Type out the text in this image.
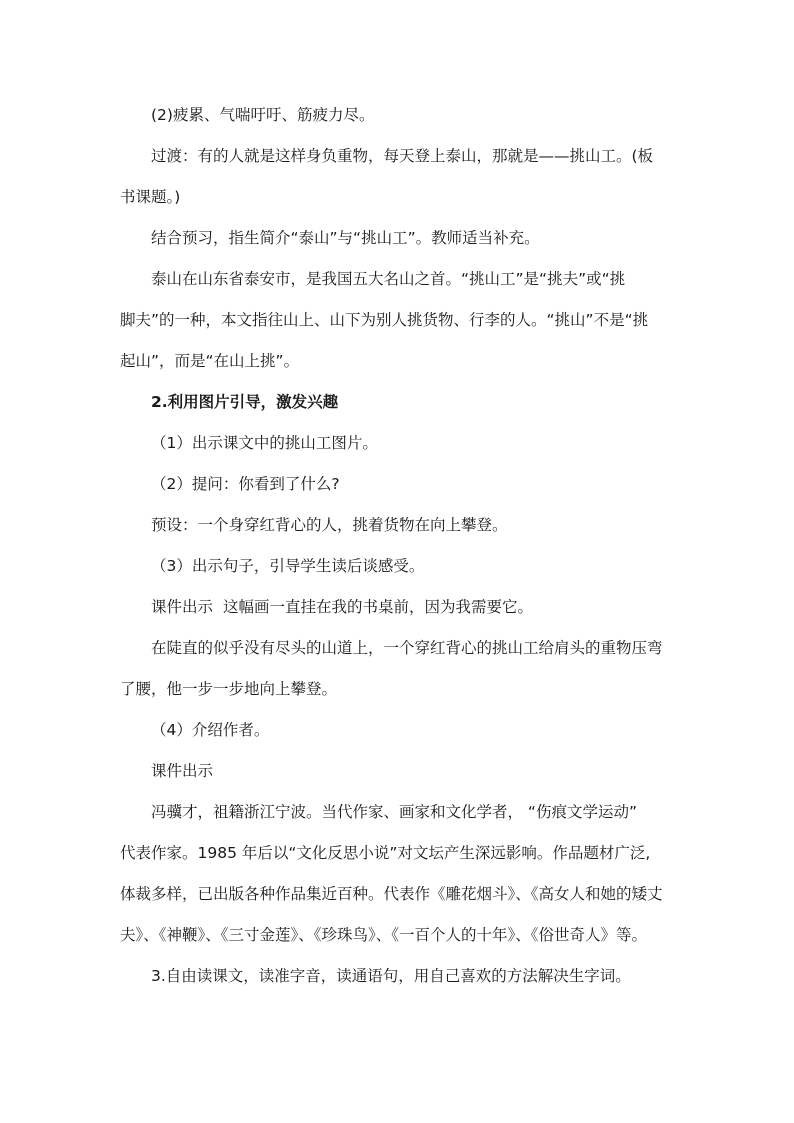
(2)疲累、气喘吁吁、筋疲力尽。
过渡：有的人就是这样身负重物，每天登上泰山，那就是——挑山工。(板
书课题。)
结合预习，指生简介“泰山”与“挑山工”。教师适当补充。
泰山在山东省泰安市，是我国五大名山之首。“挑山工”是“挑夫”或“挑
脚夫”的一种，本文指往山上、山下为别人挑货物、行李的人。“挑山”不是“挑
起山”，而是“在山上挑”。
2.利用图片引导，激发兴趣
（1）出示课文中的挑山工图片。
（2）提问：你看到了什么?
预设：一个身穿红背心的人，挑着货物在向上攀登。
（3）出示句子，引导学生读后谈感受。
课件出示 这幅画一直挂在我的书桌前，因为我需要它。
在陡直的似乎没有尽头的山道上，一个穿红背心的挑山工给肩头的重物压弯
了腰，他一步一步地向上攀登。
（4）介绍作者。
课件出示
冯骥才，祖籍浙江宁波。当代作家、画家和文化学者， “伤痕文学运动”
代表作家。1985 年后以“文化反思小说”对文坛产生深远影响。作品题材广泛,
体裁多样，已出版各种作品集近百种。代表作《雕花烟斗》、《高女人和她的矮丈
夫》、《神鞭》、《三寸金莲》、《珍珠鸟》、《一百个人的十年》、《俗世奇人》等。
3.自由读课文，读准字音，读通语句，用自己喜欢的方法解决生字词。
